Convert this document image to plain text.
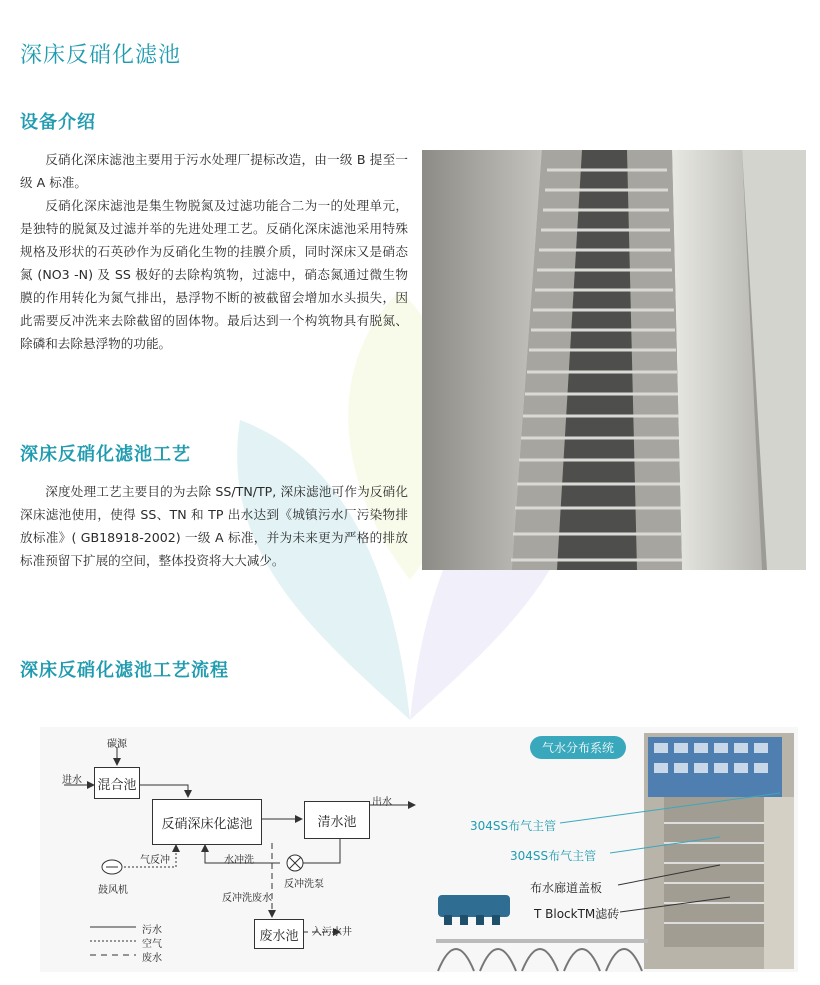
深床反硝化滤池
设备介绍

反硝化深床滤池主要用于污水处理厂提标改造，由一级 B 提至一级 A 标准。

反硝化深床滤池是集生物脱氮及过滤功能合二为一的处理单元，是独特的脱氮及过滤并举的先进处理工艺。反硝化深床滤池采用特殊规格及形状的石英砂作为反硝化生物的挂膜介质，同时深床又是硝态氮 (NO3 -N) 及 SS 极好的去除构筑物，过滤中，硝态氮通过微生物膜的作用转化为氮气排出，悬浮物不断的被截留会增加水头损失，因此需要反冲洗来去除截留的固体物。最后达到一个构筑物具有脱氮、除磷和去除悬浮物的功能。

深床反硝化滤池工艺

深度处理工艺主要目的为去除 SS/TN/TP, 深床滤池可作为反硝化深床滤池使用，使得 SS、TN 和 TP 出水达到《城镇污水厂污染物排放标准》( GB18918-2002) 一级 A 标准，并为未来更为严格的排放标准预留下扩展的空间，整体投资将大大减少。

深床反硝化滤池工艺流程
混合池
反硝深床化滤池	清水池
废水池
碳源
进水
出水
气反冲	水冲洗
鼓风机
反冲洗泵
反冲洗废水
入污水井
污水
空气
废水
气水分布系统
304SS布气主管
304SS布气主管
布水廊道盖板
T BlockTM滤砖
